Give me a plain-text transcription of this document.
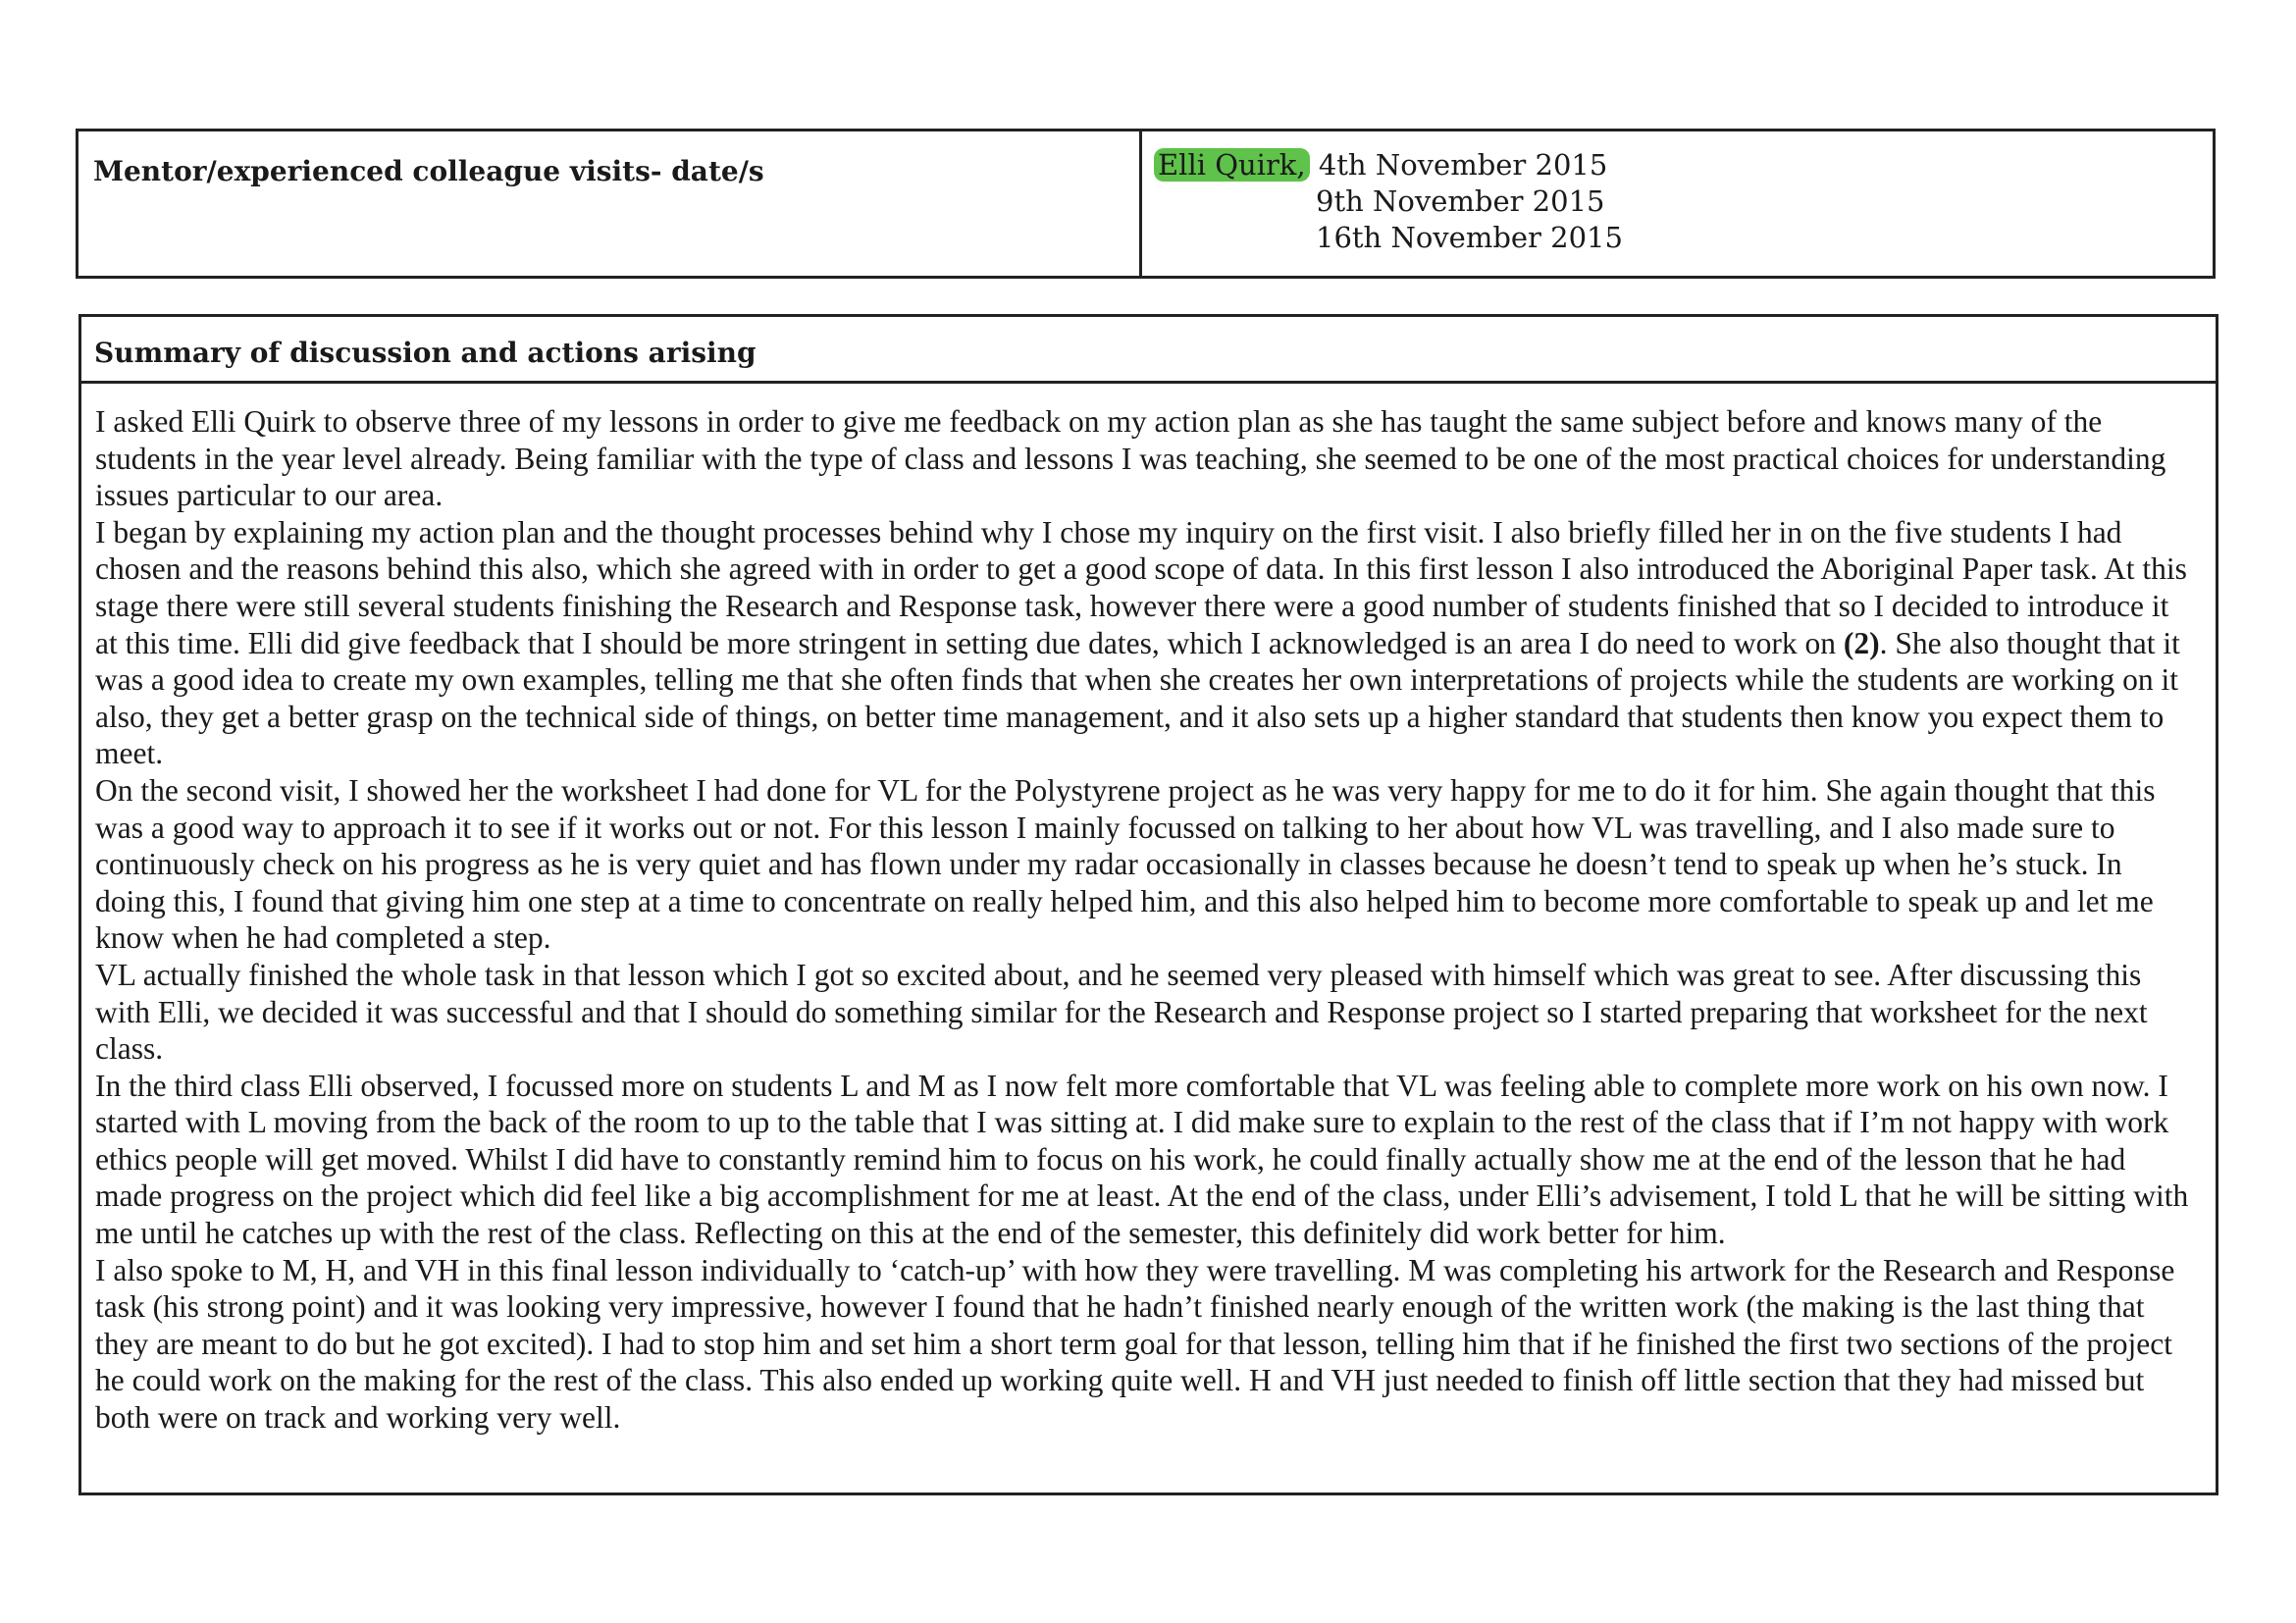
Mentor/experienced colleague visits- date/s	Elli Quirk, 4th November 2015
9th November 2015
16th November 2015
Summary of discussion and actions arising

I asked Elli Quirk to observe three of my lessons in order to give me feedback on my action plan as she has taught the same subject before and knows many of the students in the year level already. Being familiar with the type of class and lessons I was teaching, she seemed to be one of the most practical choices for understanding issues particular to our area.

I began by explaining my action plan and the thought processes behind why I chose my inquiry on the first visit. I also briefly filled her in on the five students I had chosen and the reasons behind this also, which she agreed with in order to get a good scope of data. In this first lesson I also introduced the Aboriginal Paper task. At this stage there were still several students finishing the Research and Response task, however there were a good number of students finished that so I decided to introduce it at this time. Elli did give feedback that I should be more stringent in setting due dates, which I acknowledged is an area I do need to work on (2). She also thought that it was a good idea to create my own examples, telling me that she often finds that when she creates her own interpretations of projects while the students are working on it also, they get a better grasp on the technical side of things, on better time management, and it also sets up a higher standard that students then know you expect them to meet.

On the second visit, I showed her the worksheet I had done for VL for the Polystyrene project as he was very happy for me to do it for him. She again thought that this was a good way to approach it to see if it works out or not. For this lesson I mainly focussed on talking to her about how VL was travelling, and I also made sure to continuously check on his progress as he is very quiet and has flown under my radar occasionally in classes because he doesn’t tend to speak up when he’s stuck. In doing this, I found that giving him one step at a time to concentrate on really helped him, and this also helped him to become more comfortable to speak up and let me know when he had completed a step.

VL actually finished the whole task in that lesson which I got so excited about, and he seemed very pleased with himself which was great to see. After discussing this with Elli, we decided it was successful and that I should do something similar for the Research and Response project so I started preparing that worksheet for the next class.

In the third class Elli observed, I focussed more on students L and M as I now felt more comfortable that VL was feeling able to complete more work on his own now. I started with L moving from the back of the room to up to the table that I was sitting at. I did make sure to explain to the rest of the class that if I’m not happy with work ethics people will get moved. Whilst I did have to constantly remind him to focus on his work, he could finally actually show me at the end of the lesson that he had made progress on the project which did feel like a big accomplishment for me at least. At the end of the class, under Elli’s advisement, I told L that he will be sitting with me until he catches up with the rest of the class. Reflecting on this at the end of the semester, this definitely did work better for him.

I also spoke to M, H, and VH in this final lesson individually to ‘catch-up’ with how they were travelling. M was completing his artwork for the Research and Response task (his strong point) and it was looking very impressive, however I found that he hadn’t finished nearly enough of the written work (the making is the last thing that they are meant to do but he got excited). I had to stop him and set him a short term goal for that lesson, telling him that if he finished the first two sections of the project he could work on the making for the rest of the class. This also ended up working quite well. H and VH just needed to finish off little section that they had missed but both were on track and working very well.
